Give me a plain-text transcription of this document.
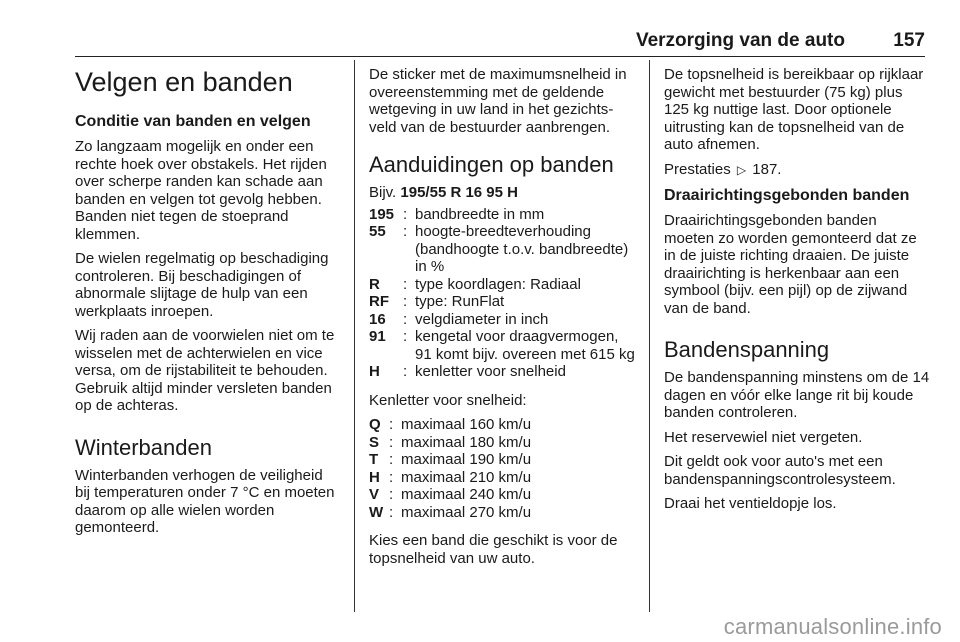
Verzorging van de auto	157
Velgen en banden
Conditie van banden en velgen

Zo langzaam mogelijk en onder een rechte hoek over obstakels. Het rijden over scherpe randen kan schade aan banden en velgen tot gevolg hebben. Banden niet tegen de stoeprand klemmen.

De wielen regelmatig op beschadiging controleren. Bij beschadigingen of abnormale slijtage de hulp van een werkplaats inroepen.

Wij raden aan de voorwielen niet om te wisselen met de achterwielen en vice versa, om de rijstabiliteit te behouden. Gebruik altijd minder versleten banden op de achteras.

Winterbanden

Winterbanden verhogen de veiligheid bij temperaturen onder 7 °C en moeten daarom op alle wielen worden gemonteerd.

De sticker met de maximumsnelheid in overeenstemming met de geldende wetgeving in uw land in het gezichtsveld van de bestuurder aanbrengen.

Aanduidingen op banden
Bijv. 195/55 R 16 95 H
195 : bandbreedte in mm
55	: hoogte-breedteverhouding (bandhoogte t.o.v. bandbreedte) in %
R	: type koordlagen: Radiaal
RF : type: RunFlat
16	: velgdiameter in inch
91	: kengetal voor draagvermogen, 91 komt bijv. overeen met 615 kg
H	: kenletter voor snelheid

Kenletter voor snelheid:

Q : maximaal 160 km/u
S : maximaal 180 km/u
T : maximaal 190 km/u
H : maximaal 210 km/u
V : maximaal 240 km/u
W : maximaal 270 km/u

Kies een band die geschikt is voor de topsnelheid van uw auto.

De topsnelheid is bereikbaar op rijklaar gewicht met bestuurder (75 kg) plus 125 kg nuttige last. Door optionele uitrusting kan de topsnelheid van de auto afnemen.

Prestaties ▷ 187.

Draairichtingsgebonden banden

Draairichtingsgebonden banden moeten zo worden gemonteerd dat ze in de juiste richting draaien. De juiste draairichting is herkenbaar aan een symbool (bijv. een pijl) op de zijwand van de band.

Bandenspanning

De bandenspanning minstens om de 14 dagen en vóór elke lange rit bij koude banden controleren.

Het reservewiel niet vergeten.

Dit geldt ook voor auto's met een bandenspanningscontrolesysteem.

Draai het ventieldopje los.

carmanualsonline.info
